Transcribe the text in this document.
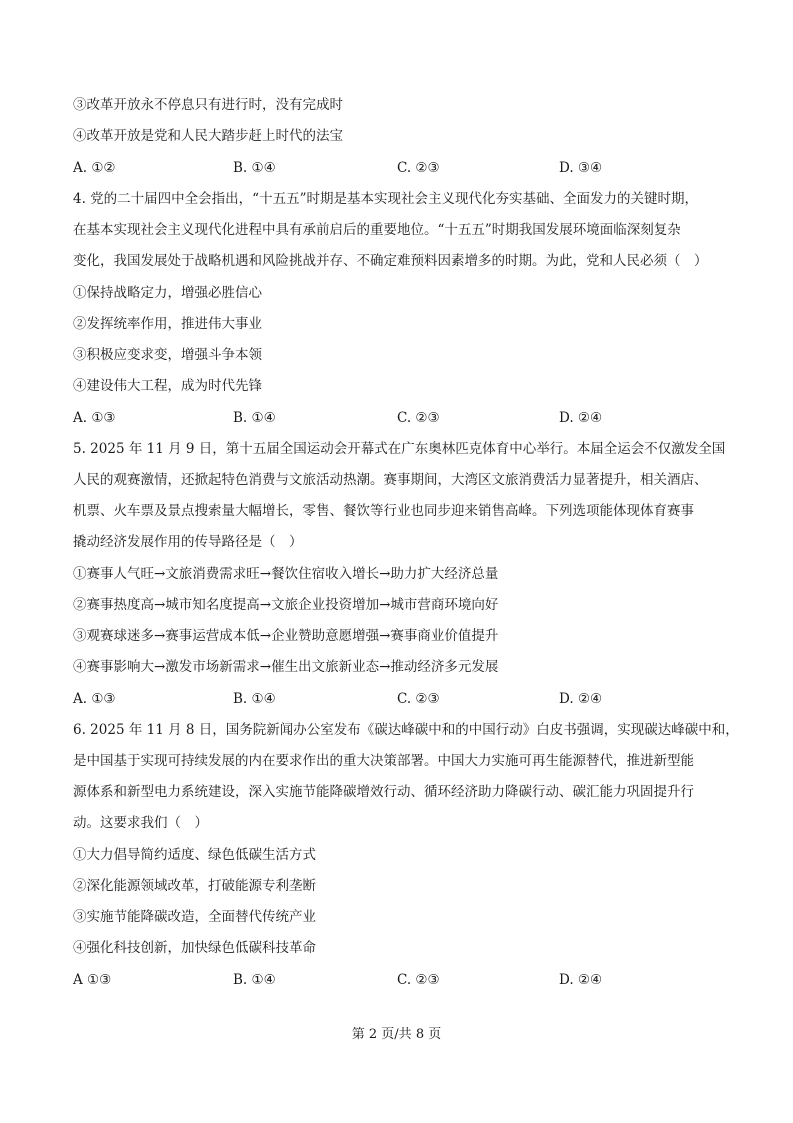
③改革开放永不停息只有进行时，没有完成时
④改革开放是党和人民大踏步赶上时代的法宝
A. ①②	B. ①④	C. ②③	D. ③④
4. 党的二十届四中全会指出，“十五五”时期是基本实现社会主义现代化夯实基础、全面发力的关键时期，
在基本实现社会主义现代化进程中具有承前启后的重要地位。“十五五”时期我国发展环境面临深刻复杂
变化，我国发展处于战略机遇和风险挑战并存、不确定难预料因素增多的时期。为此，党和人民必须（　）
①保持战略定力，增强必胜信心
②发挥统率作用，推进伟大事业
③积极应变求变，增强斗争本领
④建设伟大工程，成为时代先锋
A. ①③	B. ①④	C. ②③	D. ②④
5. 2025 年 11 月 9 日，第十五届全国运动会开幕式在广东奥林匹克体育中心举行。本届全运会不仅激发全国
人民的观赛激情，还掀起特色消费与文旅活动热潮。赛事期间，大湾区文旅消费活力显著提升，相关酒店、
机票、火车票及景点搜索量大幅增长，零售、餐饮等行业也同步迎来销售高峰。下列选项能体现体育赛事
撬动经济发展作用的传导路径是（　）
①赛事人气旺→文旅消费需求旺→餐饮住宿收入增长→助力扩大经济总量
②赛事热度高→城市知名度提高→文旅企业投资增加→城市营商环境向好
③观赛球迷多→赛事运营成本低→企业赞助意愿增强→赛事商业价值提升
④赛事影响大→激发市场新需求→催生出文旅新业态→推动经济多元发展
A. ①③	B. ①④	C. ②③	D. ②④
6. 2025 年 11 月 8 日，国务院新闻办公室发布《碳达峰碳中和的中国行动》白皮书强调，实现碳达峰碳中和，
是中国基于实现可持续发展的内在要求作出的重大决策部署。中国大力实施可再生能源替代，推进新型能
源体系和新型电力系统建设，深入实施节能降碳增效行动、循环经济助力降碳行动、碳汇能力巩固提升行
动。这要求我们（　）
①大力倡导简约适度、绿色低碳生活方式
②深化能源领域改革，打破能源专利垄断
③实施节能降碳改造，全面替代传统产业
④强化科技创新，加快绿色低碳科技革命
A ①③	B. ①④	C. ②③	D. ②④
第 2 页/共 8 页
